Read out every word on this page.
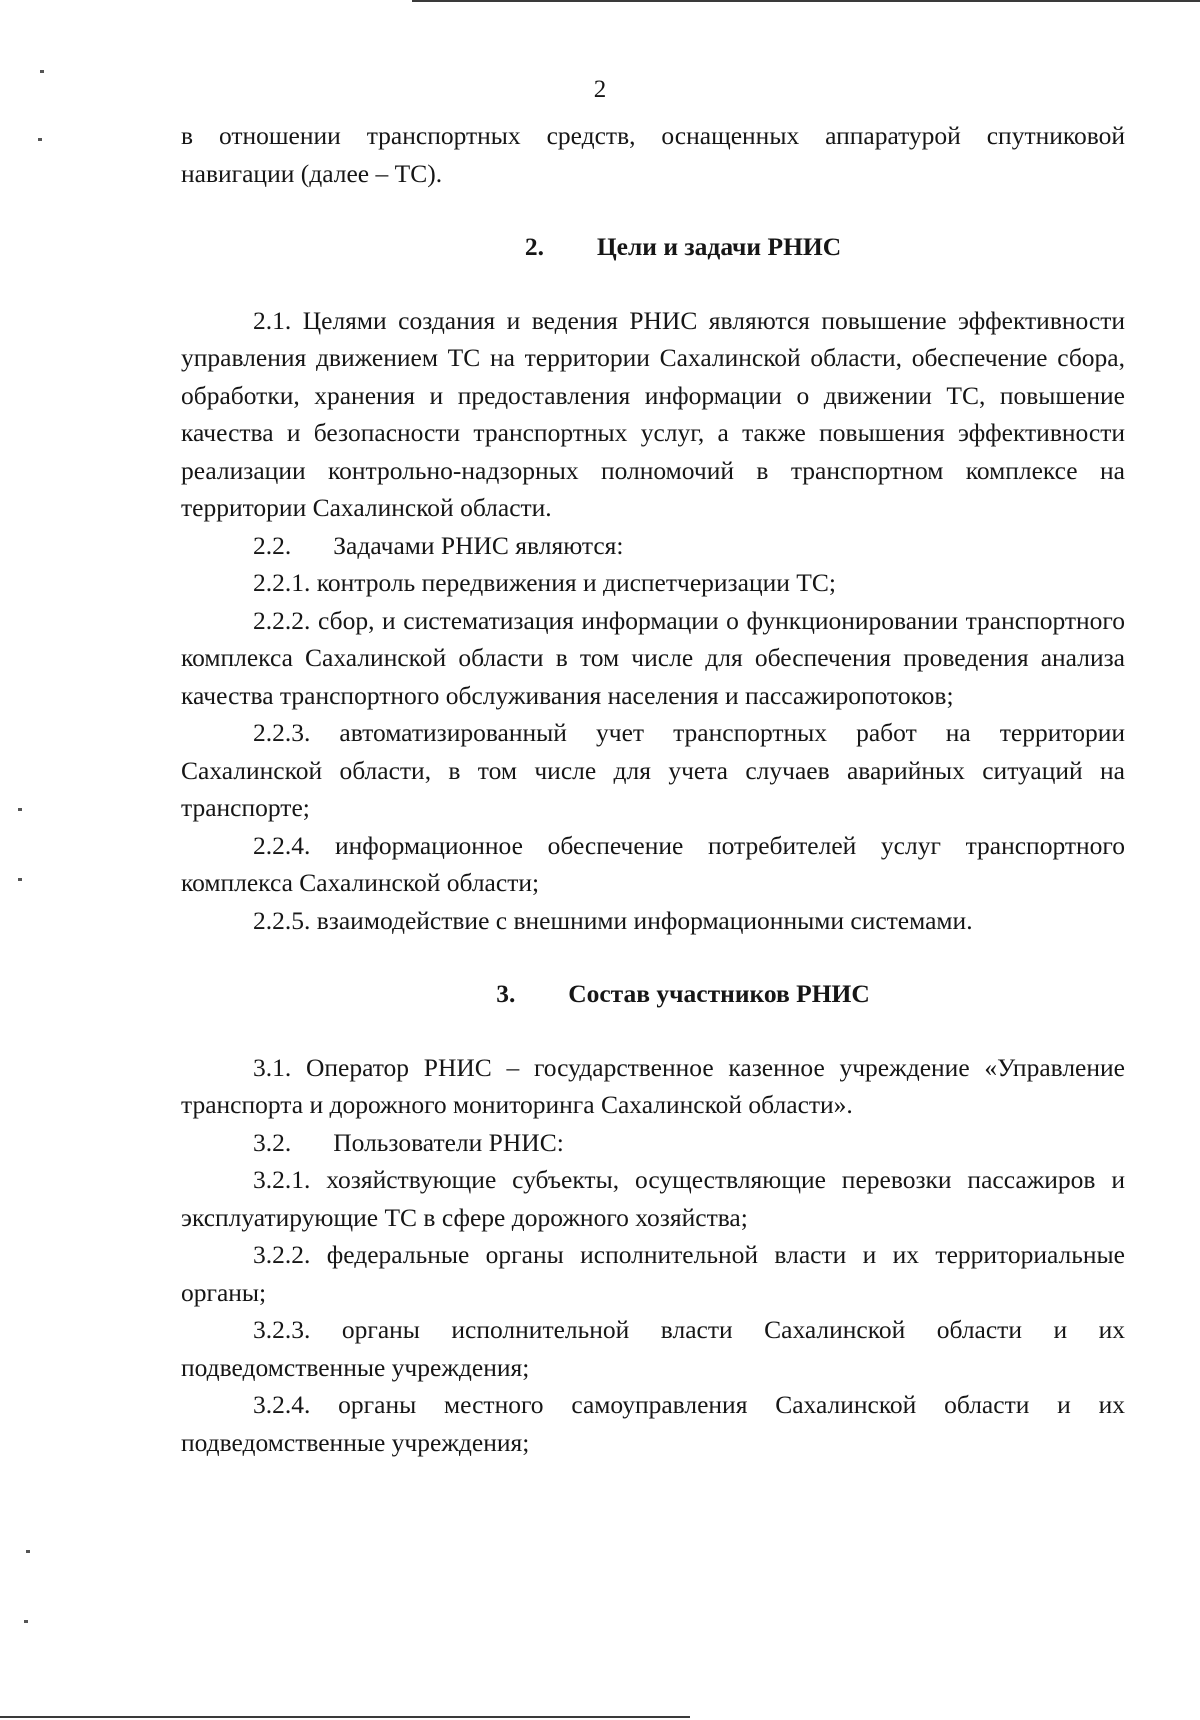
2

в отношении транспортных средств, оснащенных аппаратурой спутниковой навигации (далее – ТС).

2. Цели и задачи РНИС

2.1. Целями создания и ведения РНИС являются повышение эффективности управления движением ТС на территории Сахалинской области, обеспечение сбора, обработки, хранения и предоставления информации о движении ТС, повышение качества и безопасности транспортных услуг, а также повышения эффективности реализации контрольно-надзорных полномочий в транспортном комплексе на территории Сахалинской области.

2.2. Задачами РНИС являются:

2.2.1. контроль передвижения и диспетчеризации ТС;

2.2.2. сбор, и систематизация информации о функционировании транспортного комплекса Сахалинской области в том числе для обеспечения проведения анализа качества транспортного обслуживания населения и пассажиропотоков;

2.2.3. автоматизированный учет транспортных работ на территории Сахалинской области, в том числе для учета случаев аварийных ситуаций на транспорте;

2.2.4. информационное обеспечение потребителей услуг транспортного комплекса Сахалинской области;

2.2.5. взаимодействие с внешними информационными системами.

3. Состав участников РНИС

3.1. Оператор РНИС – государственное казенное учреждение «Управление транспорта и дорожного мониторинга Сахалинской области».

3.2. Пользователи РНИС:

3.2.1. хозяйствующие субъекты, осуществляющие перевозки пассажиров и эксплуатирующие ТС в сфере дорожного хозяйства;

3.2.2. федеральные органы исполнительной власти и их территориальные органы;

3.2.3. органы исполнительной власти Сахалинской области и их подведомственные учреждения;

3.2.4. органы местного самоуправления Сахалинской области и их подведомственные учреждения;
